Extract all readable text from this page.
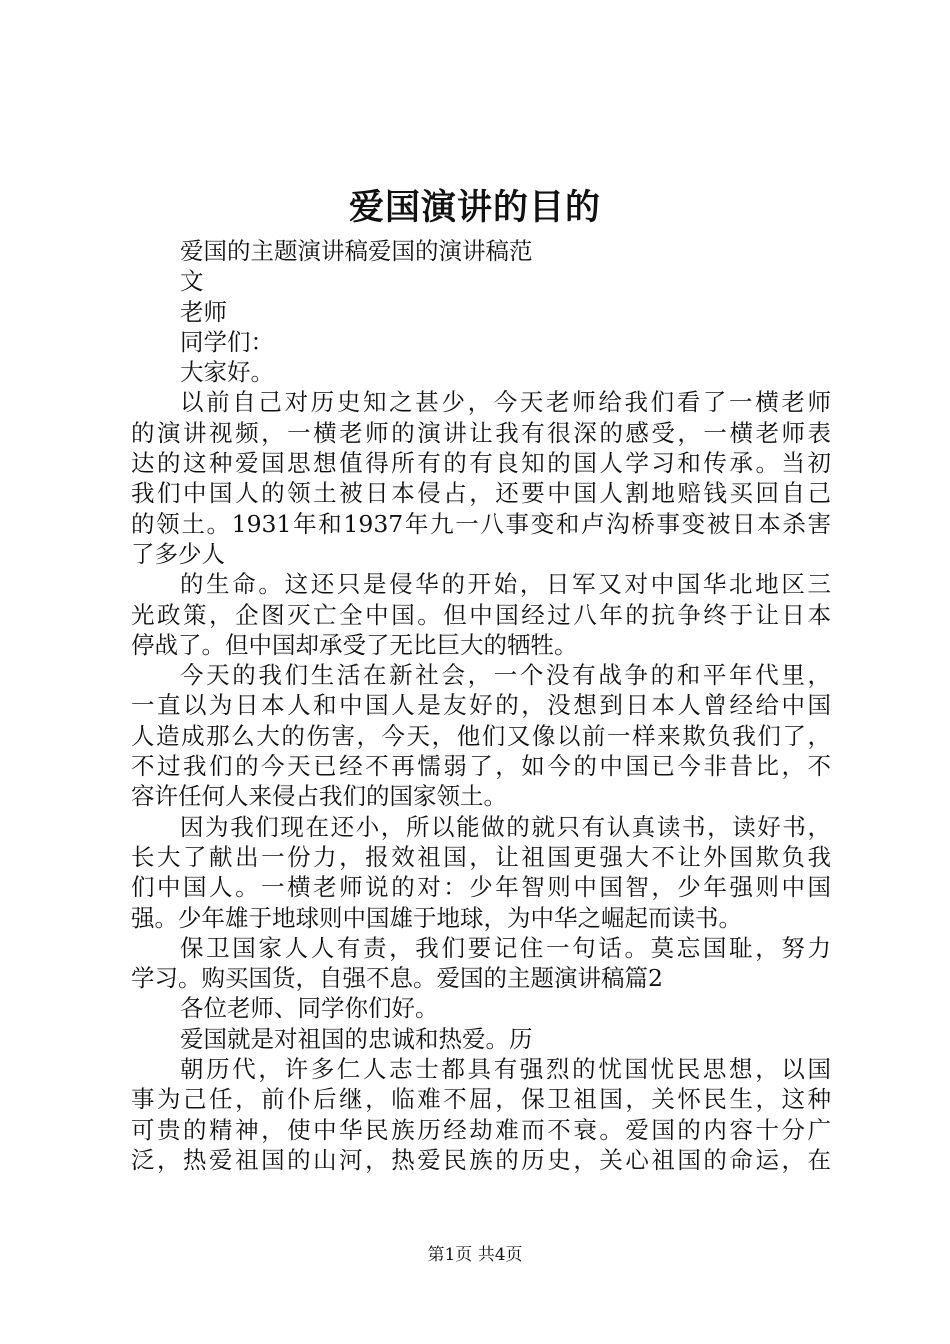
爱国演讲的目的
爱国的主题演讲稿爱国的演讲稿范
文
老师
同学们：
大家好。
以前自己对历史知之甚少，今天老师给我们看了一横老师
的演讲视频，一横老师的演讲让我有很深的感受，一横老师表
达的这种爱国思想值得所有的有良知的国人学习和传承。当初
我们中国人的领土被日本侵占，还要中国人割地赔钱买回自己
的领土。1931年和1937年九一八事变和卢沟桥事变被日本杀害
了多少人
的生命。这还只是侵华的开始，日军又对中国华北地区三
光政策，企图灭亡全中国。但中国经过八年的抗争终于让日本
停战了。但中国却承受了无比巨大的牺牲。
今天的我们生活在新社会，一个没有战争的和平年代里，
一直以为日本人和中国人是友好的，没想到日本人曾经给中国
人造成那么大的伤害，今天，他们又像以前一样来欺负我们了，
不过我们的今天已经不再懦弱了，如今的中国已今非昔比，不
容许任何人来侵占我们的国家领土。
因为我们现在还小，所以能做的就只有认真读书，读好书，
长大了献出一份力，报效祖国，让祖国更强大不让外国欺负我
们中国人。一横老师说的对：少年智则中国智，少年强则中国
强。少年雄于地球则中国雄于地球，为中华之崛起而读书。
保卫国家人人有责，我们要记住一句话。莫忘国耻，努力
学习。购买国货，自强不息。爱国的主题演讲稿篇2
各位老师、同学你们好。
爱国就是对祖国的忠诚和热爱。历
朝历代，许多仁人志士都具有强烈的忧国忧民思想，以国
事为己任，前仆后继，临难不屈，保卫祖国，关怀民生，这种
可贵的精神，使中华民族历经劫难而不衰。爱国的内容十分广
泛，热爱祖国的山河，热爱民族的历史，关心祖国的命运，在
第1页 共4页
